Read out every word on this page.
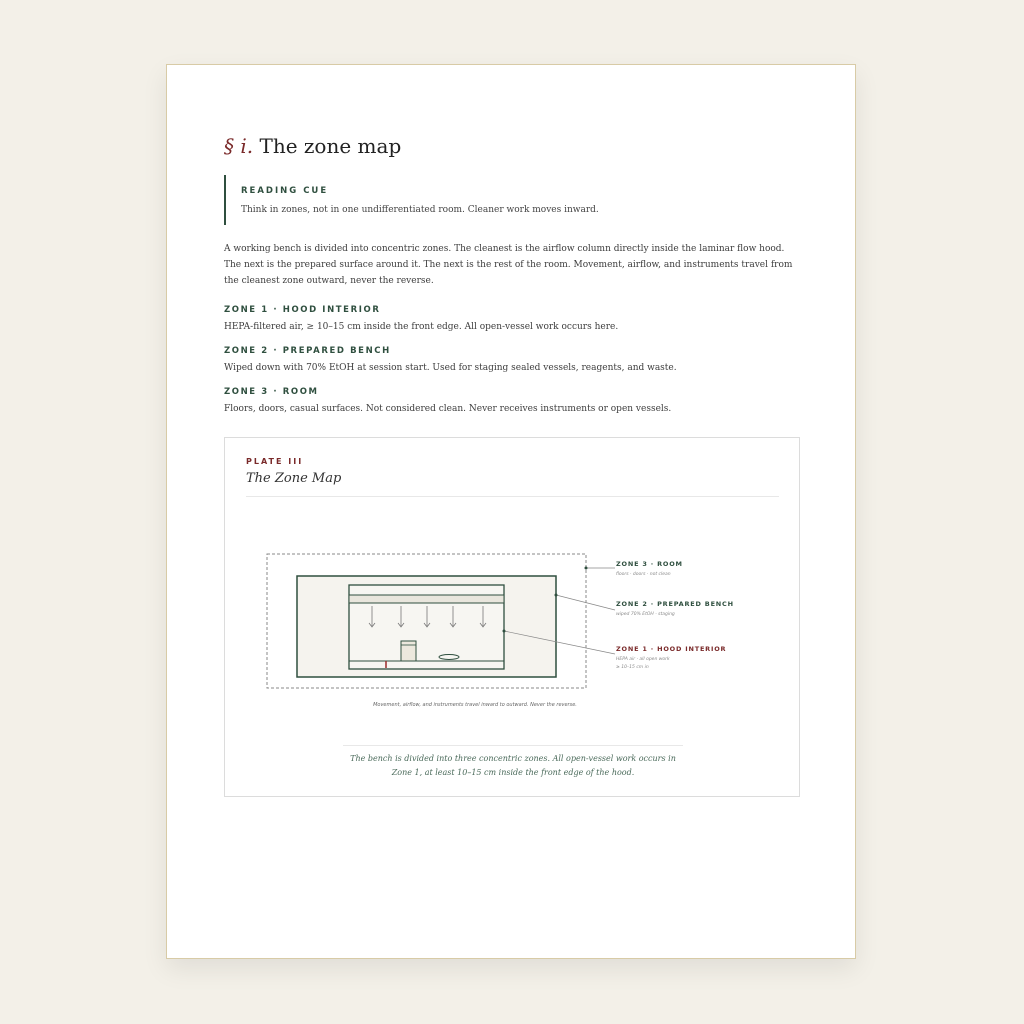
§ i. The zone map
READING CUE
Think in zones, not in one undifferentiated room. Cleaner work moves inward.

A working bench is divided into concentric zones. The cleanest is the airflow column directly inside the laminar flow hood. The next is the prepared surface around it. The next is the rest of the room. Movement, airflow, and instruments travel from the cleanest zone outward, never the reverse.

ZONE 1 · HOOD INTERIOR
HEPA-filtered air, ≥ 10–15 cm inside the front edge. All open-vessel work occurs here.
ZONE 2 · PREPARED BENCH
Wiped down with 70% EtOH at session start. Used for staging sealed vessels, reagents, and waste.
ZONE 3 · ROOM
Floors, doors, casual surfaces. Not considered clean. Never receives instruments or open vessels.
PLATE III
The Zone Map
ZONE 3 · ROOM
floors · doors · not clean
ZONE 2 · PREPARED BENCH
wiped 70% EtOH · staging
ZONE 1 · HOOD INTERIOR
HEPA air · all open work
≥ 10–15 cm in
Movement, airflow, and instruments travel inward to outward. Never the reverse.

The bench is divided into three concentric zones. All open-vessel work occurs in Zone 1, at least 10–15 cm inside the front edge of the hood.
